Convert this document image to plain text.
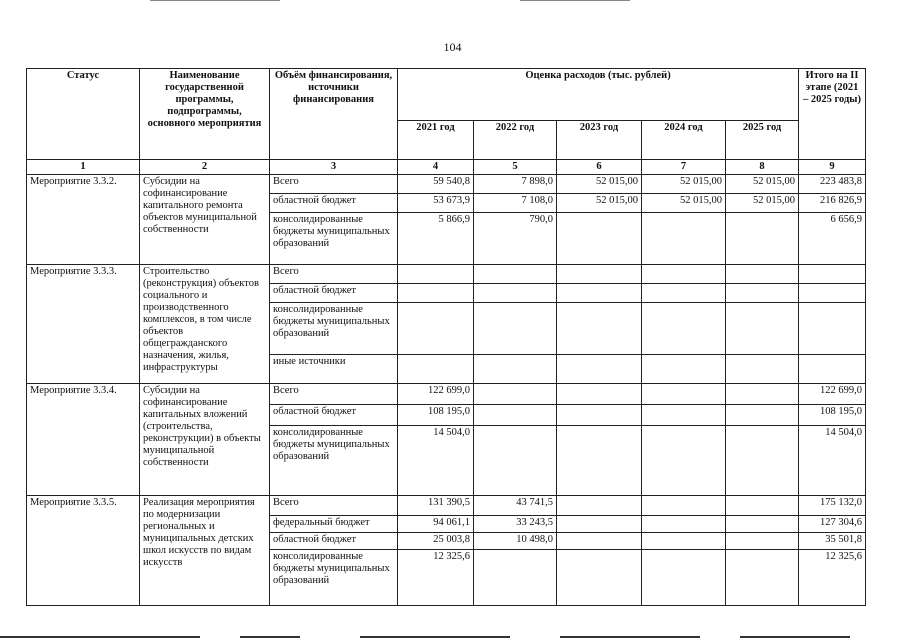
104
Статус	Наименование государственной программы, подпрограммы, основного мероприятия	Объём финансирования, источники финансирования	Оценка расходов (тыс. рублей)					Итого на II этапе (2021 – 2025 годы)
			2021 год	2022 год	2023 год	2024 год	2025 год	
1	2	3	4	5	6	7	8	9
Мероприятие 3.3.2.	Субсидии на софинансирование капитального ремонта объектов муниципальной собственности	Всего	59 540,8	7 898,0	52 015,00	52 015,00	52 015,00	223 483,8
		областной бюджет	53 673,9	7 108,0	52 015,00	52 015,00	52 015,00	216 826,9
		консолидированные бюджеты муниципальных образований	5 866,9	790,0				6 656,9
Мероприятие 3.3.3.	Строительство (реконструкция) объектов социального и производственного комплексов, в том числе объектов общегражданского назначения, жилья, инфраструктуры	Всего						
		областной бюджет						
		консолидированные бюджеты муниципальных образований						
		иные источники						
Мероприятие 3.3.4.	Субсидии на софинансирование капитальных вложений (строительства, реконструкции) в объекты муниципальной собственности	Всего	122 699,0					122 699,0
		областной бюджет	108 195,0					108 195,0
		консолидированные бюджеты муниципальных образований	14 504,0					14 504,0
Мероприятие 3.3.5.	Реализация мероприятия по модернизации региональных и муниципальных детских школ искусств по видам искусств	Всего	131 390,5	43 741,5				175 132,0
		федеральный бюджет	94 061,1	33 243,5				127 304,6
		областной бюджет	25 003,8	10 498,0				35 501,8
		консолидированные бюджеты муниципальных образований	12 325,6					12 325,6
